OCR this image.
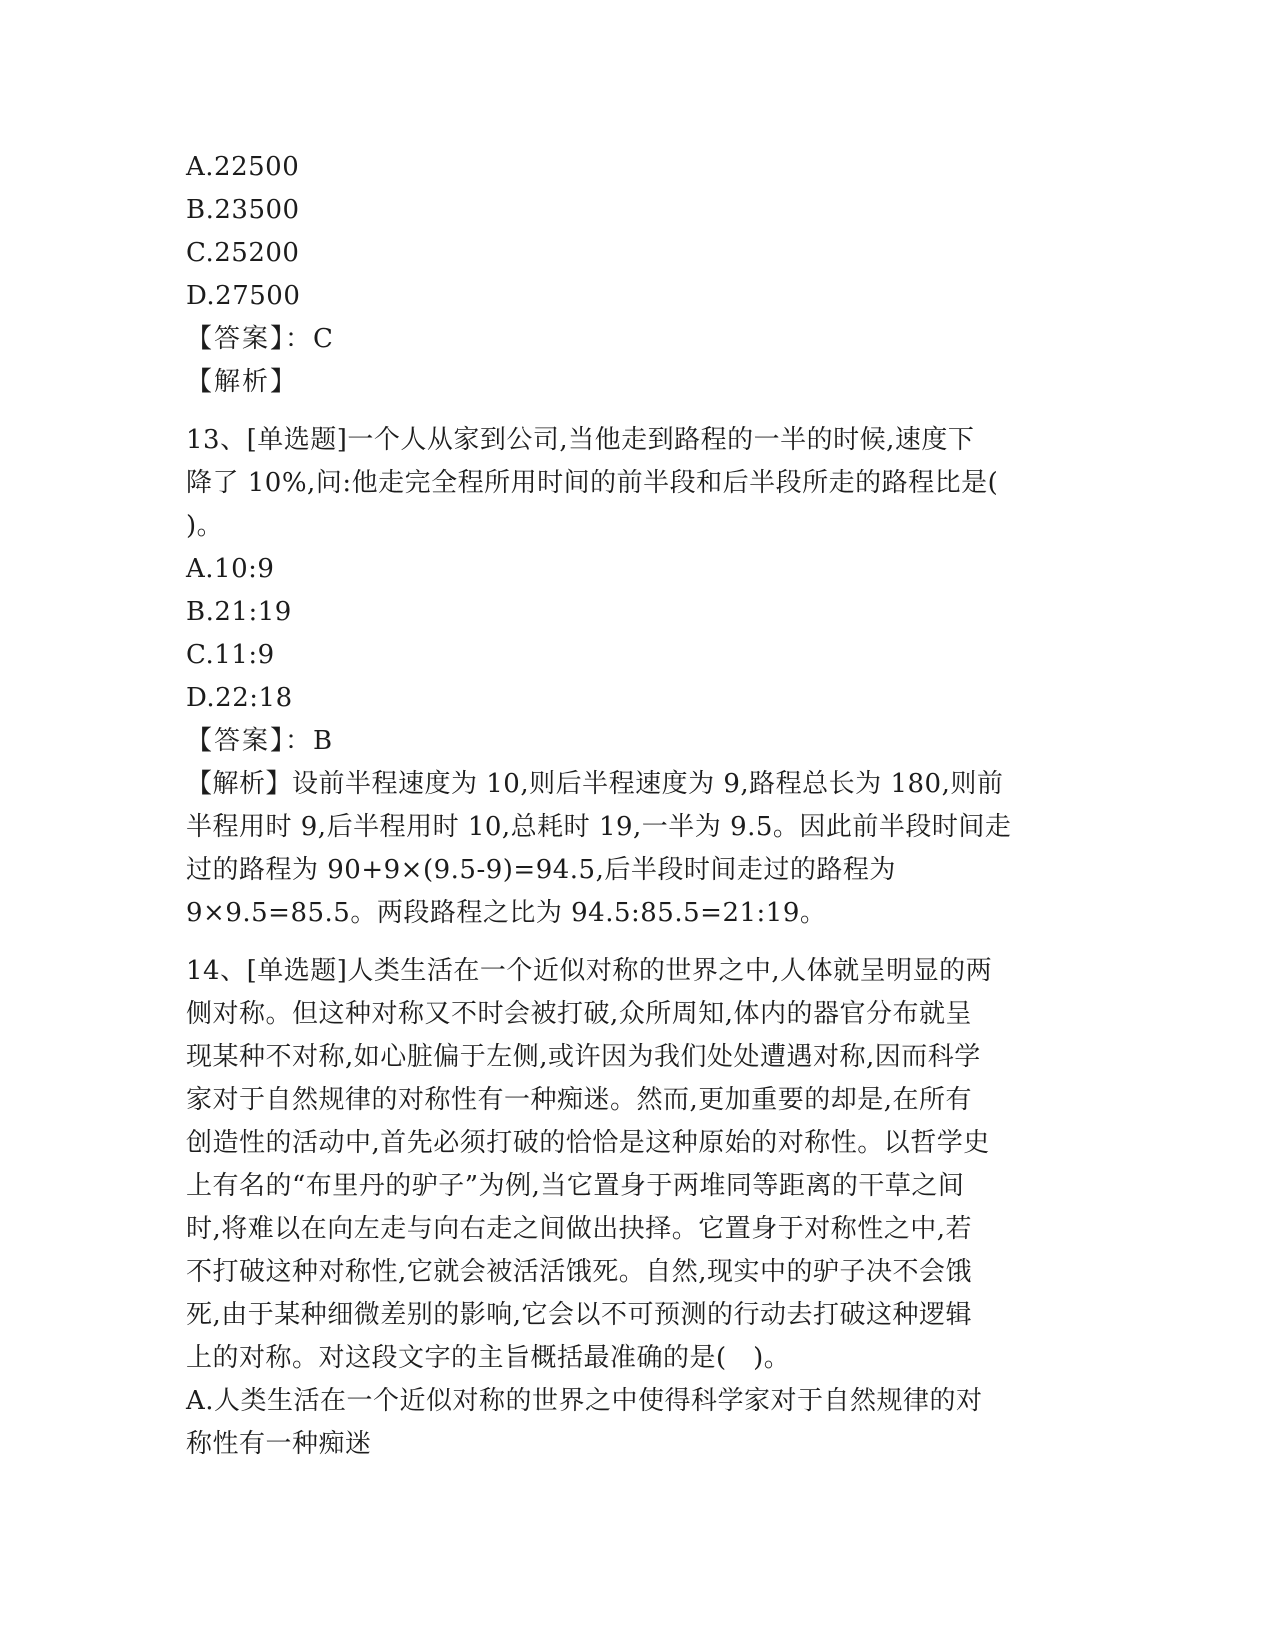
A.22500
B.23500
C.25200
D.27500
【答案】：C
【解析】
13、[单选题]一个人从家到公司,当他走到路程的一半的时候,速度下
降了 10%,问:他走完全程所用时间的前半段和后半段所走的路程比是(
)。
A.10:9
B.21:19
C.11:9
D.22:18
【答案】：B
【解析】设前半程速度为 10,则后半程速度为 9,路程总长为 180,则前
半程用时 9,后半程用时 10,总耗时 19,一半为 9.5。因此前半段时间走
过的路程为 90+9×(9.5-9)=94.5,后半段时间走过的路程为
9×9.5=85.5。两段路程之比为 94.5:85.5=21:19。
14、[单选题]人类生活在一个近似对称的世界之中,人体就呈明显的两
侧对称。但这种对称又不时会被打破,众所周知,体内的器官分布就呈
现某种不对称,如心脏偏于左侧,或许因为我们处处遭遇对称,因而科学
家对于自然规律的对称性有一种痴迷。然而,更加重要的却是,在所有
创造性的活动中,首先必须打破的恰恰是这种原始的对称性。以哲学史
上有名的“布里丹的驴子”为例,当它置身于两堆同等距离的干草之间
时,将难以在向左走与向右走之间做出抉择。它置身于对称性之中,若
不打破这种对称性,它就会被活活饿死。自然,现实中的驴子决不会饿
死,由于某种细微差别的影响,它会以不可预测的行动去打破这种逻辑
上的对称。对这段文字的主旨概括最准确的是(　)。
A.人类生活在一个近似对称的世界之中使得科学家对于自然规律的对
称性有一种痴迷
